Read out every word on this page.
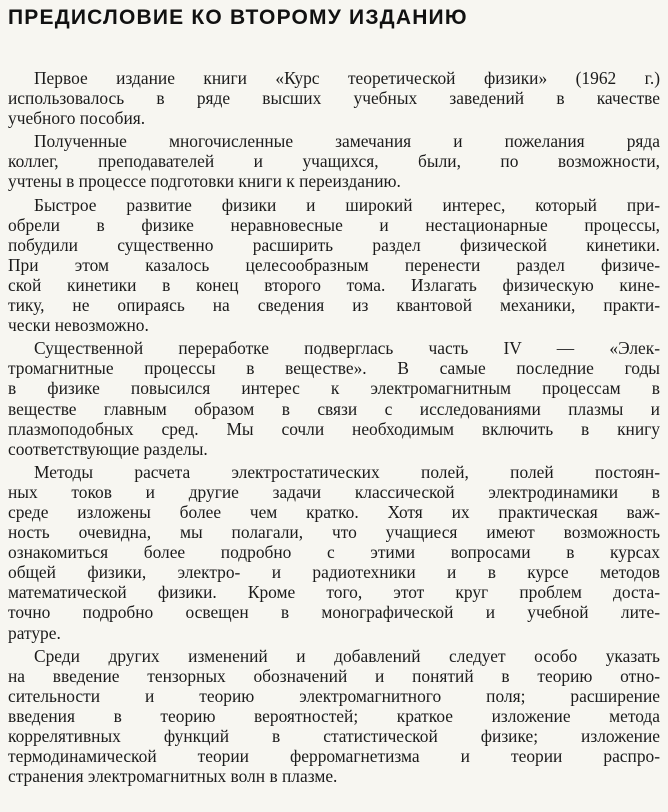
ПРЕДИСЛОВИЕ КО ВТОРОМУ ИЗДАНИЮ

Первое издание книги «Курс теоретической физики» (1962 г.)
использовалось в ряде высших учебных заведений в качестве
учебного пособия.

Полученные многочисленные замечания и пожелания ряда
коллег, преподавателей и учащихся, были, по возможности,
учтены в процессе подготовки книги к переизданию.

Быстрое развитие физики и широкий интерес, который при-
обрели в физике неравновесные и нестационарные процессы,
побудили существенно расширить раздел физической кинетики.
При этом казалось целесообразным перенести раздел физиче-
ской кинетики в конец второго тома. Излагать физическую кине-
тику, не опираясь на сведения из квантовой механики, практи-
чески невозможно.

Существенной переработке подверглась часть IV — «Элек-
тромагнитные процессы в веществе». В самые последние годы
в физике повысился интерес к электромагнитным процессам в
веществе главным образом в связи с исследованиями плазмы и
плазмоподобных сред. Мы сочли необходимым включить в книгу
соответствующие разделы.

Методы расчета электростатических полей, полей постоян-
ных токов и другие задачи классической электродинамики в
среде изложены более чем кратко. Хотя их практическая важ-
ность очевидна, мы полагали, что учащиеся имеют возможность
ознакомиться более подробно с этими вопросами в курсах
общей физики, электро- и радиотехники и в курсе методов
математической физики. Кроме того, этот круг проблем доста-
точно подробно освещен в монографической и учебной лите-
ратуре.

Среди других изменений и добавлений следует особо указать
на введение тензорных обозначений и понятий в теорию отно-
сительности и теорию электромагнитного поля; расширение
введения в теорию вероятностей; краткое изложение метода
коррелятивных функций в статистической физике; изложение
термодинамической теории ферромагнетизма и теории распро-
странения электромагнитных волн в плазме.
